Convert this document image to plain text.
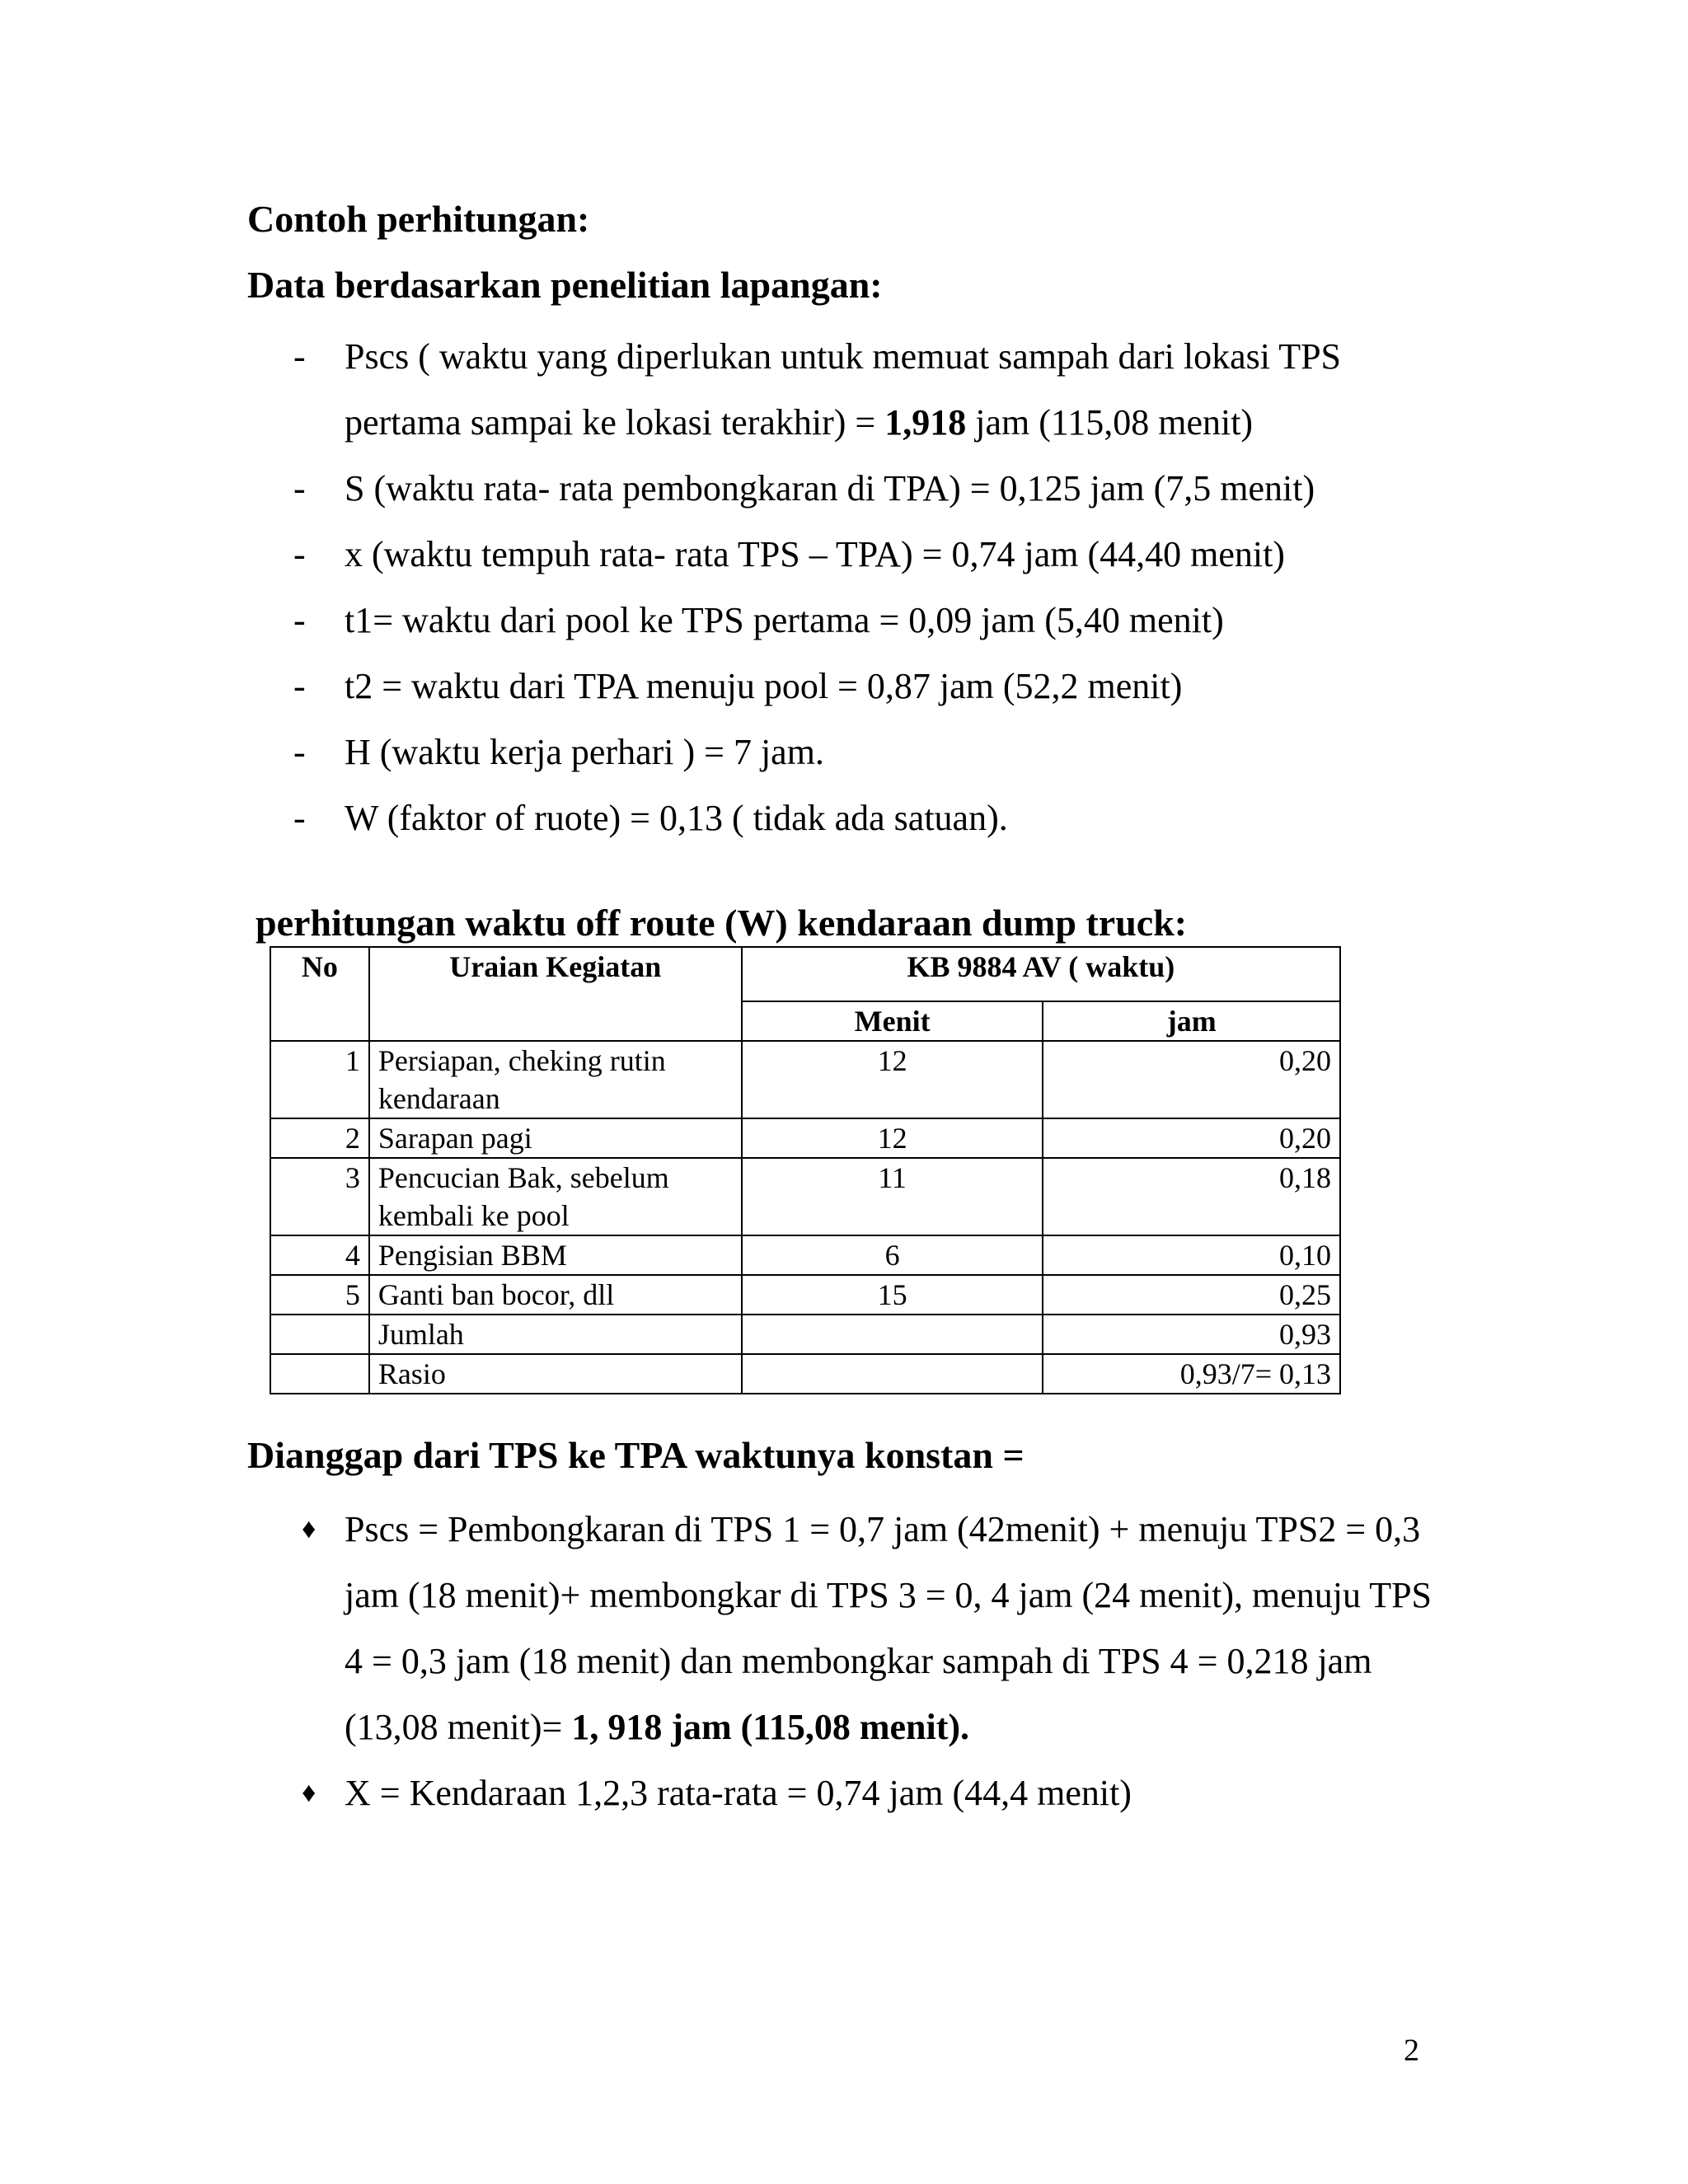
Contoh perhitungan:
Data berdasarkan penelitian lapangan:
- Pscs ( waktu yang diperlukan untuk memuat sampah dari lokasi TPS pertama sampai ke lokasi terakhir) = 1,918 jam (115,08 menit)
- S (waktu rata- rata pembongkaran di TPA) = 0,125 jam (7,5 menit)
- x (waktu tempuh rata- rata TPS – TPA) = 0,74 jam (44,40 menit)
- t1= waktu dari pool ke TPS pertama = 0,09 jam (5,40 menit)
- t2 = waktu dari TPA menuju pool = 0,87 jam (52,2 menit)
- H (waktu kerja perhari ) = 7 jam.
- W (faktor of ruote) = 0,13 ( tidak ada satuan).
perhitungan waktu off route (W) kendaraan dump truck:
No	Uraian Kegiatan	KB 9884 AV ( waktu)	
		Menit	jam
1	Persiapan, cheking rutin kendaraan	12	0,20
2	Sarapan pagi	12	0,20
3	Pencucian Bak, sebelum kembali ke pool	11	0,18
4	Pengisian BBM	6	0,10
5	Ganti ban bocor, dll	15	0,25
	Jumlah		0,93
	Rasio		0,93/7= 0,13
Dianggap dari TPS ke TPA waktunya konstan =
♦ Pscs = Pembongkaran di TPS 1 = 0,7 jam (42menit) + menuju TPS2 = 0,3 jam (18 menit)+ membongkar di TPS 3 = 0, 4 jam (24 menit), menuju TPS 4 = 0,3 jam (18 menit) dan membongkar sampah di TPS 4 = 0,218 jam (13,08 menit)= 1, 918 jam (115,08 menit).
♦ X = Kendaraan 1,2,3 rata-rata = 0,74 jam (44,4 menit)
2
